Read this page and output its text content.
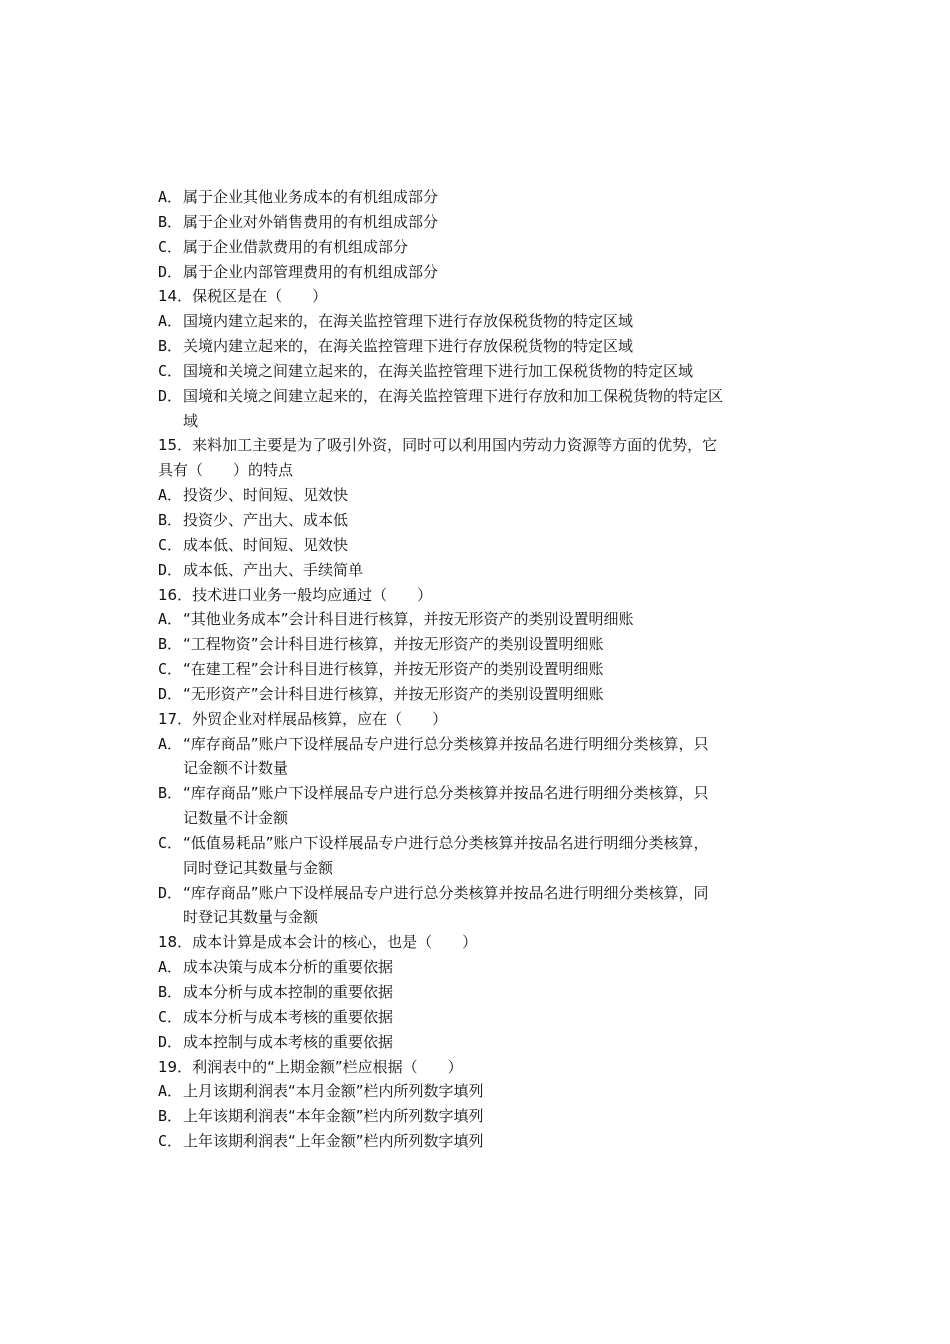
A． 属于企业其他业务成本的有机组成部分
B． 属于企业对外销售费用的有机组成部分
C． 属于企业借款费用的有机组成部分
D． 属于企业内部管理费用的有机组成部分
14．保税区是在（　　）
A． 国境内建立起来的，在海关监控管理下进行存放保税货物的特定区域
B． 关境内建立起来的，在海关监控管理下进行存放保税货物的特定区域
C． 国境和关境之间建立起来的，在海关监控管理下进行加工保税货物的特定区域
D． 国境和关境之间建立起来的，在海关监控管理下进行存放和加工保税货物的特定区
域
15．来料加工主要是为了吸引外资，同时可以利用国内劳动力资源等方面的优势，它
具有（　　）的特点
A． 投资少、时间短、见效快
B． 投资少、产出大、成本低
C． 成本低、时间短、见效快
D． 成本低、产出大、手续简单
16．技术进口业务一般均应通过（　　）
A． “其他业务成本”会计科目进行核算，并按无形资产的类别设置明细账
B． “工程物资”会计科目进行核算，并按无形资产的类别设置明细账
C． “在建工程”会计科目进行核算，并按无形资产的类别设置明细账
D． “无形资产”会计科目进行核算，并按无形资产的类别设置明细账
17．外贸企业对样展品核算，应在（　　）
A． “库存商品”账户下设样展品专户进行总分类核算并按品名进行明细分类核算，只
记金额不计数量
B． “库存商品”账户下设样展品专户进行总分类核算并按品名进行明细分类核算，只
记数量不计金额
C． “低值易耗品”账户下设样展品专户进行总分类核算并按品名进行明细分类核算，
同时登记其数量与金额
D． “库存商品”账户下设样展品专户进行总分类核算并按品名进行明细分类核算，同
时登记其数量与金额
18．成本计算是成本会计的核心，也是（　　）
A． 成本决策与成本分析的重要依据
B． 成本分析与成本控制的重要依据
C． 成本分析与成本考核的重要依据
D． 成本控制与成本考核的重要依据
19．利润表中的“上期金额”栏应根据（　　）
A． 上月该期利润表“本月金额”栏内所列数字填列
B． 上年该期利润表“本年金额”栏内所列数字填列
C． 上年该期利润表“上年金额”栏内所列数字填列
